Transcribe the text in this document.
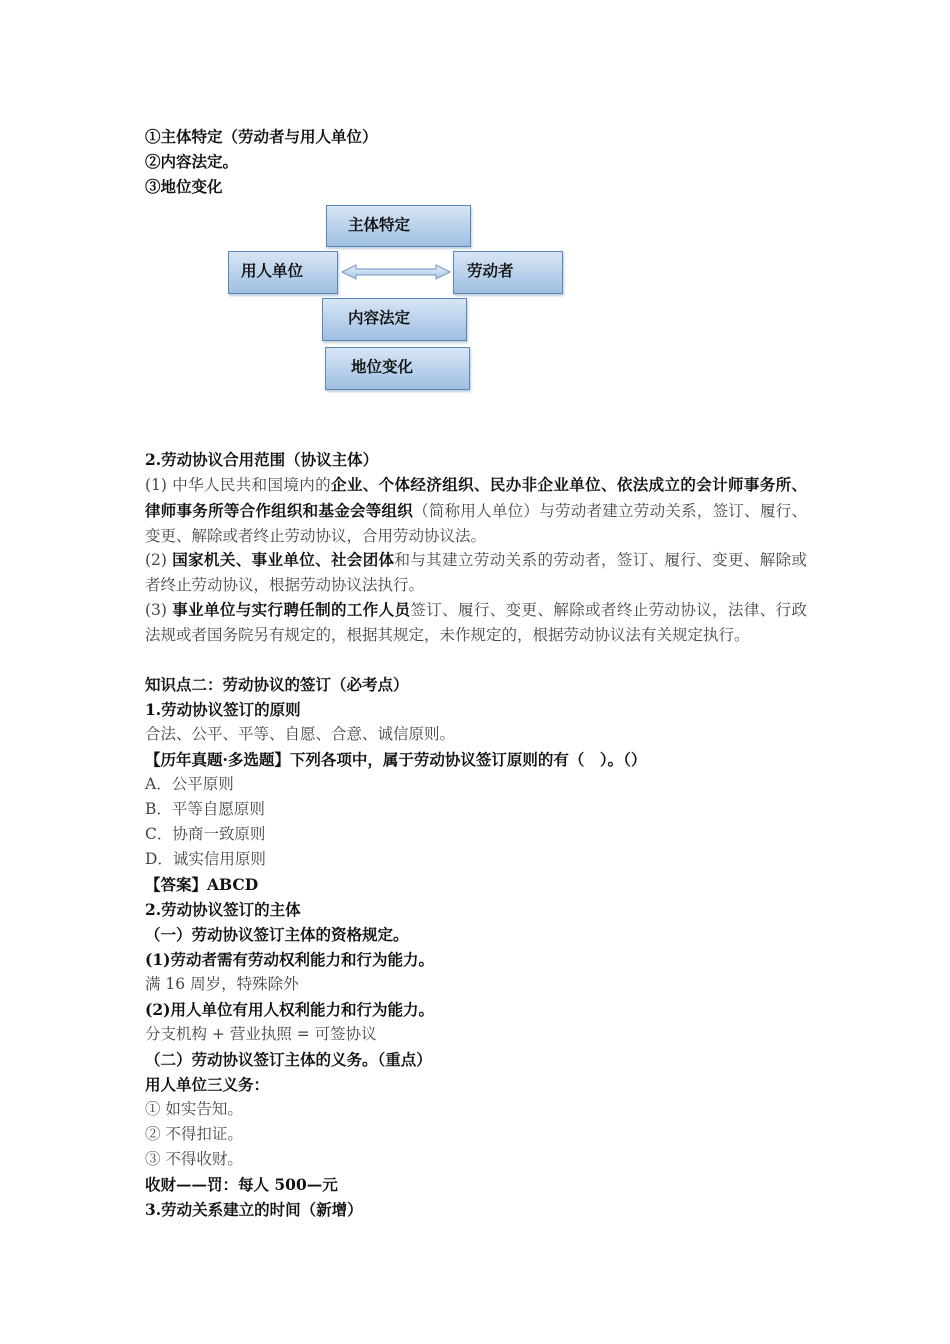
①主体特定（劳动者与用人单位）
②内容法定。
③地位变化
主体特定
用人单位	劳动者
内容法定
地位变化
2.劳动协议合用范围（协议主体）
(1) 中华人民共和国境内的企业、个体经济组织、民办非企业单位、依法成立的会计师事务所、律师事务所等合作组织和基金会等组织（简称用人单位）与劳动者建立劳动关系，签订、履行、变更、解除或者终止劳动协议，合用劳动协议法。
(2) 国家机关、事业单位、社会团体和与其建立劳动关系的劳动者，签订、履行、变更、解除或者终止劳动协议，根据劳动协议法执行。
(3) 事业单位与实行聘任制的工作人员签订、履行、变更、解除或者终止劳动协议，法律、行政法规或者国务院另有规定的，根据其规定，未作规定的，根据劳动协议法有关规定执行。
知识点二：劳动协议的签订（必考点）
1.劳动协议签订的原则
合法、公平、平等、自愿、合意、诚信原则。
【历年真题·多选题】下列各项中，属于劳动协议签订原则的有（　）。（）
A．公平原则
B．平等自愿原则
C．协商一致原则
D．诚实信用原则
【答案】ABCD
2.劳动协议签订的主体
（一）劳动协议签订主体的资格规定。
(1)劳动者需有劳动权利能力和行为能力。
满 16 周岁，特殊除外
(2)用人单位有用人权利能力和行为能力。
分支机构 + 营业执照 = 可签协议
（二）劳动协议签订主体的义务。（重点）
用人单位三义务：
① 如实告知。
② 不得扣证。
③ 不得收财。
收财——罚：每人 500—元
3.劳动关系建立的时间（新增）
